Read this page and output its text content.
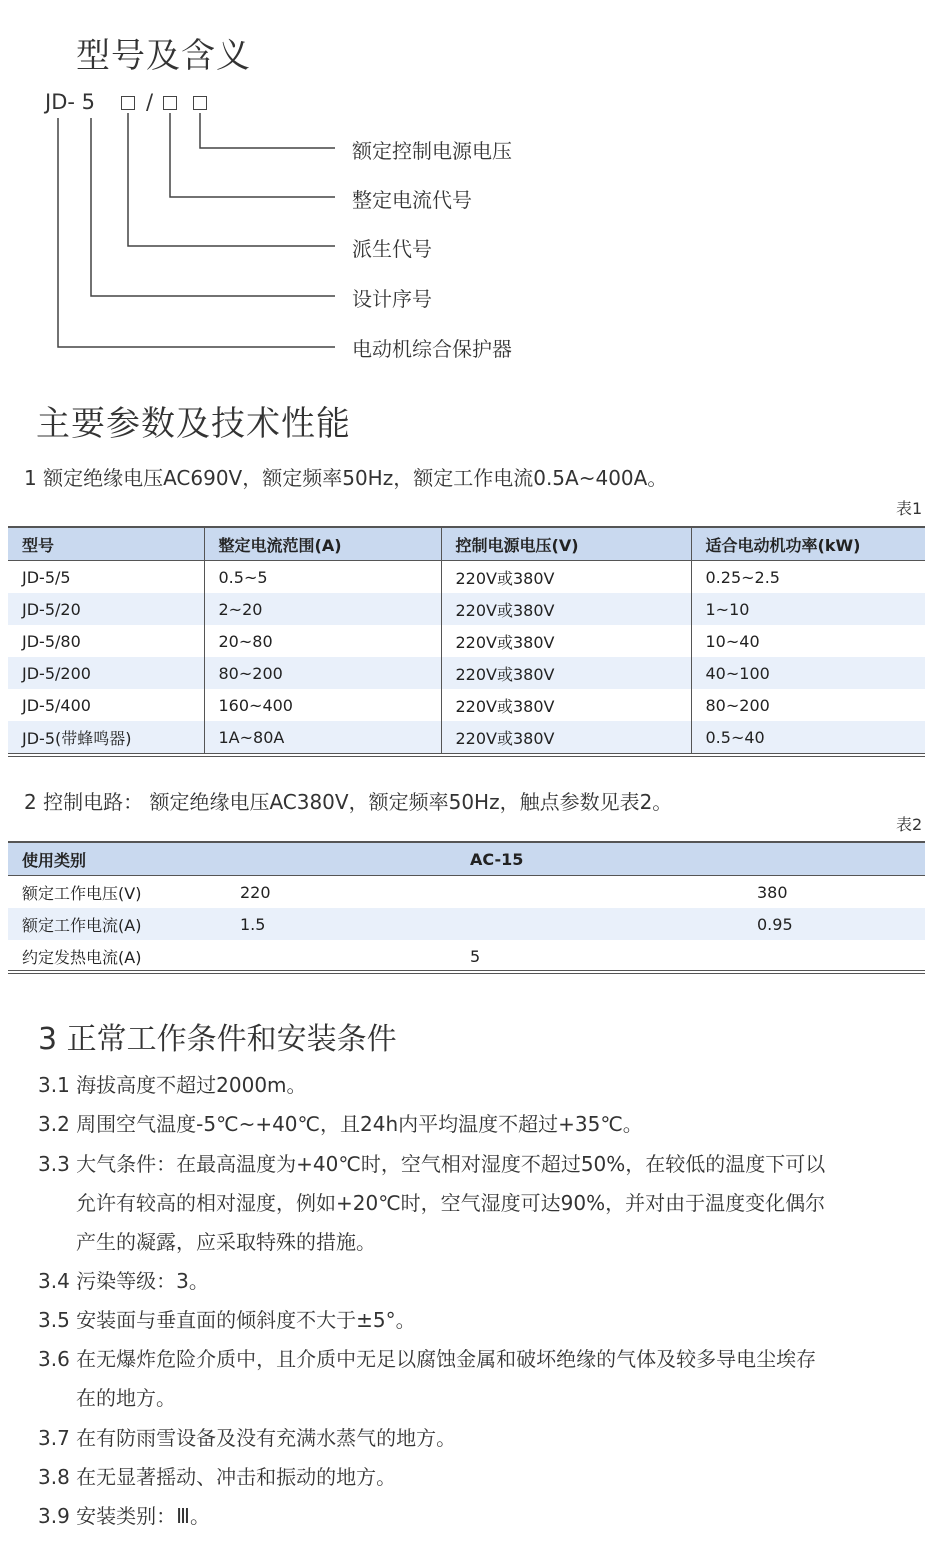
型号及含义
JD- 5 /
额定控制电源电压
整定电流代号
派生代号
设计序号
电动机综合保护器
主要参数及技术性能
1 额定绝缘电压AC690V，额定频率50Hz，额定工作电流0.5A~400A。
表1
型号	整定电流范围(A)	控制电源电压(V)	适合电动机功率(kW)
JD-5/5	0.5~5	220V或380V	0.25~2.5
JD-5/20	2~20	220V或380V	1~10
JD-5/80	20~80	220V或380V	10~40
JD-5/200	80~200	220V或380V	40~100
JD-5/400	160~400	220V或380V	80~200
JD-5(带蜂鸣器)	1A~80A	220V或380V	0.5~40
2 控制电路： 额定绝缘电压AC380V，额定频率50Hz，触点参数见表2。
表2
使用类别	AC-15		
额定工作电压(V)	220		380
额定工作电流(A)	1.5		0.95
约定发热电流(A)	5		
3 正常工作条件和安装条件
3.1 海拔高度不超过2000m。
3.2 周围空气温度-5℃~+40℃，且24h内平均温度不超过+35℃。
3.3 大气条件：在最高温度为+40℃时，空气相对湿度不超过50%，在较低的温度下可以
允许有较高的相对湿度，例如+20℃时，空气湿度可达90%，并对由于温度变化偶尔
产生的凝露，应采取特殊的措施。
3.4 污染等级：3。
3.5 安装面与垂直面的倾斜度不大于±5°。
3.6 在无爆炸危险介质中，且介质中无足以腐蚀金属和破坏绝缘的气体及较多导电尘埃存
在的地方。
3.7 在有防雨雪设备及没有充满水蒸气的地方。
3.8 在无显著摇动、冲击和振动的地方。
3.9 安装类别：Ⅲ。
